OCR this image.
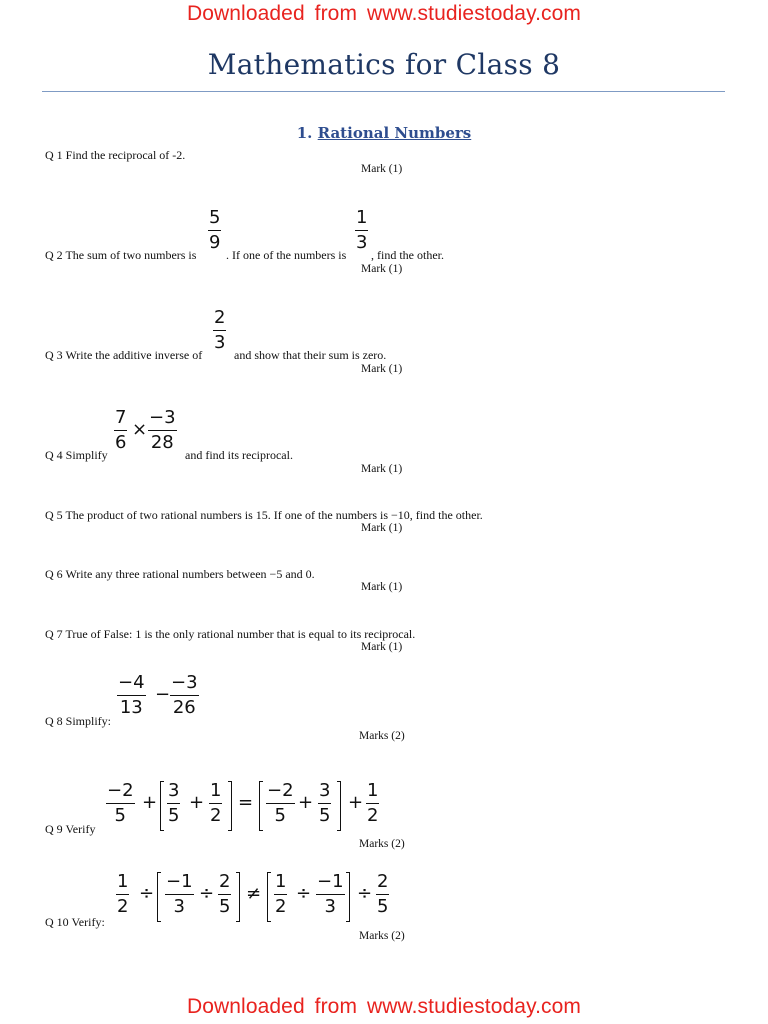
Downloaded from www.studiestoday.com
Mathematics for Class 8
1. Rational Numbers
Q 1 Find the reciprocal of -2.
Mark (1)
Q 2 The sum of two numbers is
5
9
. If one of the numbers is
1
3
, find the other.
Mark (1)
Q 3 Write the additive inverse of
2
3
and show that their sum is zero.
Mark (1)
Q 4 Simplify
7
6
×
−3
28
and find its reciprocal.
Mark (1)
Q 5 The product of two rational numbers is 15. If one of the numbers is −10, find the other.
Mark (1)
Q 6 Write any three rational numbers between −5 and 0.
Mark (1)
Q 7 True of False: 1 is the only rational number that is equal to its reciprocal.
Mark (1)
Q 8 Simplify:
−4
13
−
−3
26
Marks (2)
Q 9 Verify
−2
5
+
3
5
+
1
2
=
−2
5
+
3
5
+
1
2
Marks (2)
Q 10 Verify:
1
2
÷
−1
3
÷
2
5
≠
1
2
÷
−1
3
÷
2
5
Marks (2)
Downloaded from www.studiestoday.com
